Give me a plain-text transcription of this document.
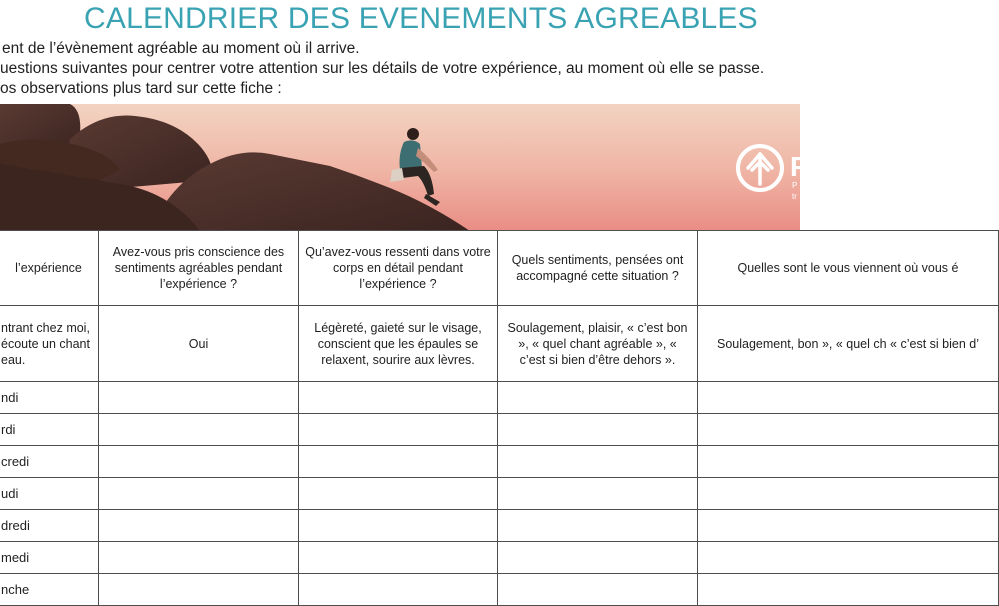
CALENDRIER DES EVENEMENTS AGREABLES
ent de l’évènement agréable au moment où il arrive.
uestions suivantes pour centrer votre attention sur les détails de votre expérience, au moment où elle se passe.
os observations plus tard sur cette fiche :
P
P
tr
l’expérience	Avez-vous pris conscience des sentiments agréables pendant l’expérience ?	Qu’avez-vous ressenti dans votre corps en détail pendant l’expérience ?	Quels sentiments, pensées ont accompagné cette situation ?	Quelles sont le vous viennent où vous é
ntrant chez moi, écoute un chant eau.	Oui	Légèreté, gaieté sur le visage, conscient que les épaules se relaxent, sourire aux lèvres.	Soulagement, plaisir, « c’est bon », « quel chant agréable », « c’est si bien d’être dehors ».	Soulagement, bon », « quel ch « c’est si bien d’
ndi				
rdi				
credi				
udi				
dredi				
medi				
nche				
